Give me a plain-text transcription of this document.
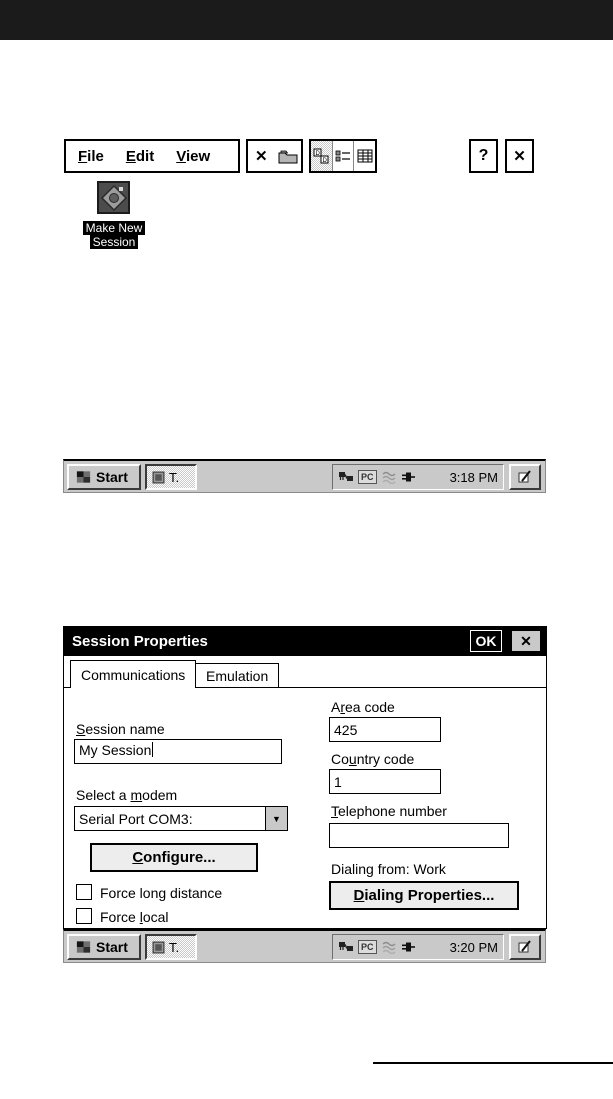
File Edit View	✕	D
D	? ✕
Make New
Session
Start	T.	PC	3:18 PM
Session Properties	OK ✕
Communications Emulation
Session name
My Session
Select a modem
Serial Port COM3:	▼
Configure...
Force long distance
Force local
Area code
425
Country code
1
Telephone number
Dialing from: Work
Dialing Properties...
Start	T.	PC	3:20 PM
